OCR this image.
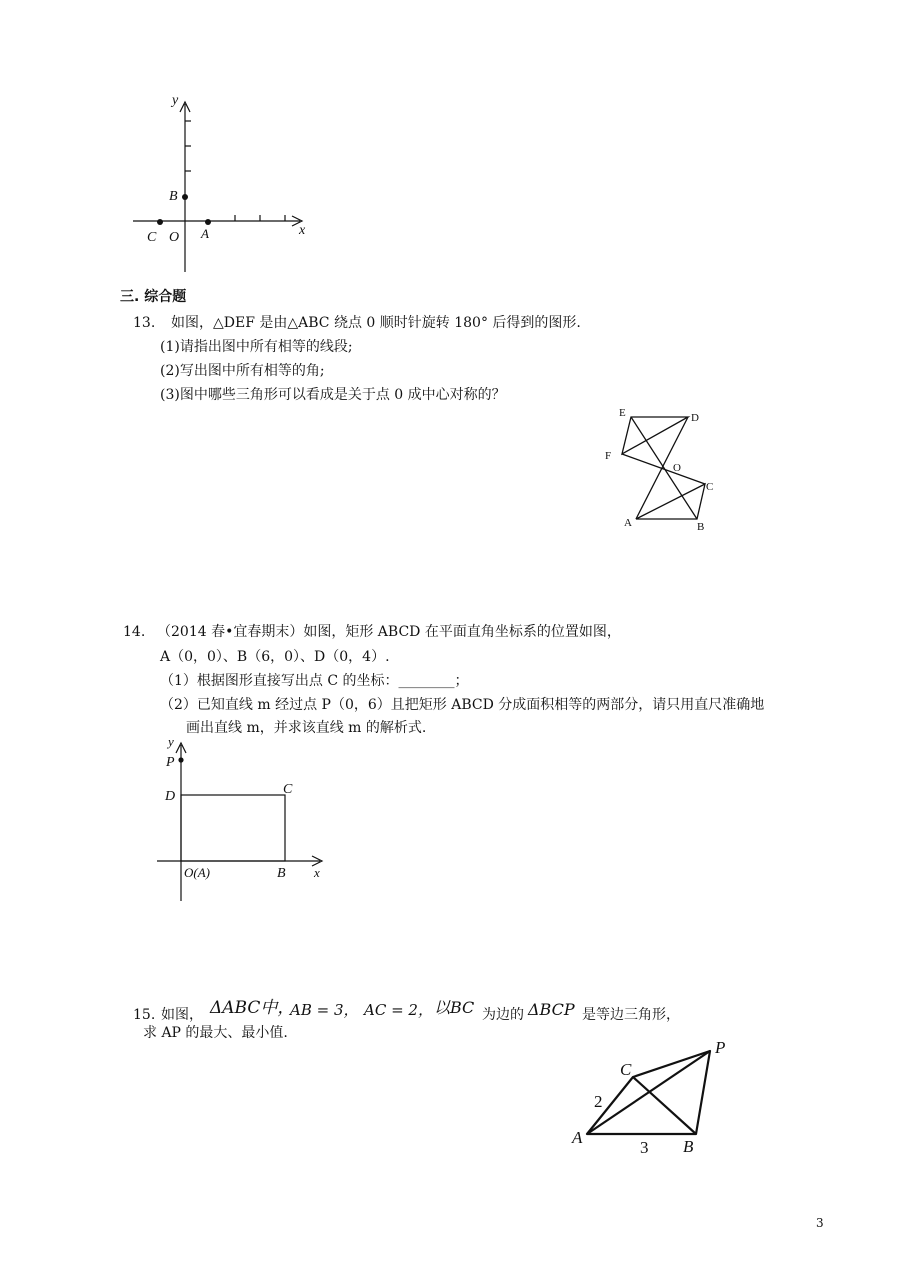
y
x
B
C O A
三. 综合题
13. 如图，△DEF 是由△ABC 绕点 0 顺时针旋转 180° 后得到的图形.
(1)请指出图中所有相等的线段;
(2)写出图中所有相等的角;
(3)图中哪些三角形可以看成是关于点 0 成中心对称的？
E	D
F
O
C
A	B
14. （2014 春•宜春期末）如图，矩形 ABCD 在平面直角坐标系的位置如图，
A（0，0）、B（6，0）、D（0，4）.
（1）根据图形直接写出点 C 的坐标：________；
（2）已知直线 m 经过点 P（0，6）且把矩形 ABCD 分成面积相等的两部分，请只用直尺准确地
画出直线 m，并求该直线 m 的解析式.
y
P
D	C
O(A)	B x
15. 如图， ΔABC中，
AB = 3， AC = 2， 以BC 为边的 ΔBCP 是等边三角形，
求 AP 的最大、最小值.
C
P
A	B
2
3
3
